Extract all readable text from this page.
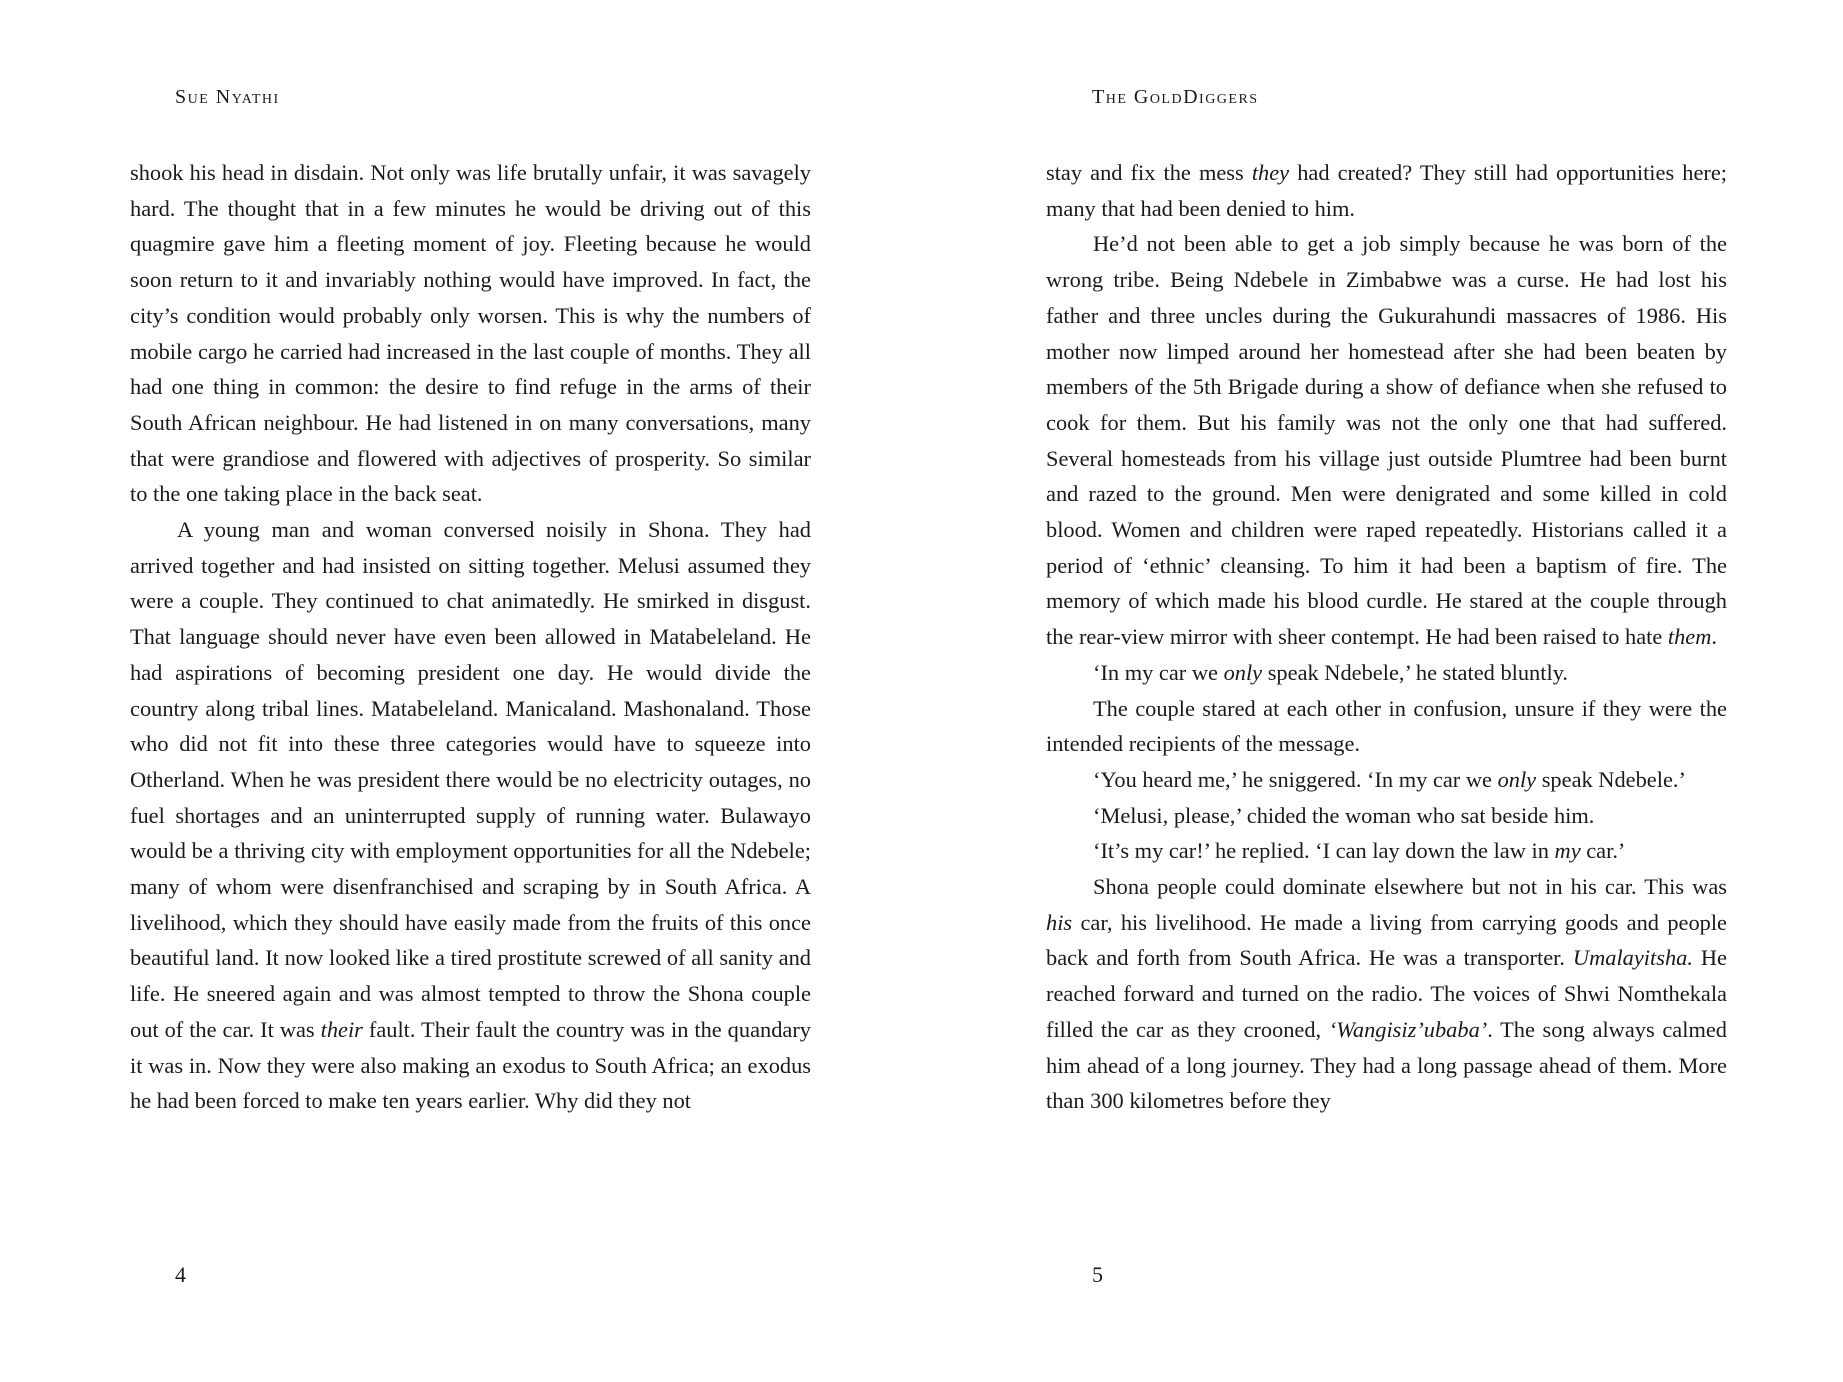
Sue Nyathi

shook his head in disdain. Not only was life brutally unfair, it was savagely hard. The thought that in a few minutes he would be driving out of this quagmire gave him a fleeting moment of joy. Fleeting because he would soon return to it and invariably nothing would have improved. In fact, the city’s condition would probably only worsen. This is why the numbers of mobile cargo he carried had increased in the last couple of months. They all had one thing in common: the desire to find refuge in the arms of their South African neighbour. He had listened in on many conversations, many that were grandiose and flowered with adjectives of prosperity. So similar to the one taking place in the back seat.

A young man and woman conversed noisily in Shona. They had arrived together and had insisted on sitting together. Melusi assumed they were a couple. They continued to chat animatedly. He smirked in disgust. That language should never have even been allowed in Matabeleland. He had aspirations of becoming president one day. He would divide the country along tribal lines. Matabeleland. Manicaland. Mashonaland. Those who did not fit into these three categories would have to squeeze into Otherland. When he was president there would be no electricity outages, no fuel shortages and an uninterrupted supply of running water. Bulawayo would be a thriving city with employment opportunities for all the Ndebele; many of whom were disenfranchised and scraping by in South Africa. A livelihood, which they should have easily made from the fruits of this once beautiful land. It now looked like a tired prostitute screwed of all sanity and life. He sneered again and was almost tempted to throw the Shona couple out of the car. It was their fault. Their fault the country was in the quandary it was in. Now they were also making an exodus to South Africa; an exodus he had been forced to make ten years earlier. Why did they not

4
The GoldDiggers

stay and fix the mess they had created? They still had opportunities here; many that had been denied to him.

He’d not been able to get a job simply because he was born of the wrong tribe. Being Ndebele in Zimbabwe was a curse. He had lost his father and three uncles during the Gukurahundi massacres of 1986. His mother now limped around her homestead after she had been beaten by members of the 5th Brigade during a show of defiance when she refused to cook for them. But his family was not the only one that had suffered. Several homesteads from his village just outside Plumtree had been burnt and razed to the ground. Men were denigrated and some killed in cold blood. Women and children were raped repeatedly. Historians called it a period of ‘ethnic’ cleansing. To him it had been a baptism of fire. The memory of which made his blood curdle. He stared at the couple through the rear-view mirror with sheer contempt. He had been raised to hate them.

‘In my car we only speak Ndebele,’ he stated bluntly.

The couple stared at each other in confusion, unsure if they were the intended recipients of the message.

‘You heard me,’ he sniggered. ‘In my car we only speak Ndebele.’

‘Melusi, please,’ chided the woman who sat beside him.

‘It’s my car!’ he replied. ‘I can lay down the law in my car.’

Shona people could dominate elsewhere but not in his car. This was his car, his livelihood. He made a living from carrying goods and people back and forth from South Africa. He was a transporter. Umalayitsha. He reached forward and turned on the radio. The voices of Shwi Nomthekala filled the car as they crooned, ‘Wangisiz’ubaba’. The song always calmed him ahead of a long journey. They had a long passage ahead of them. More than 300 kilometres before they

5
